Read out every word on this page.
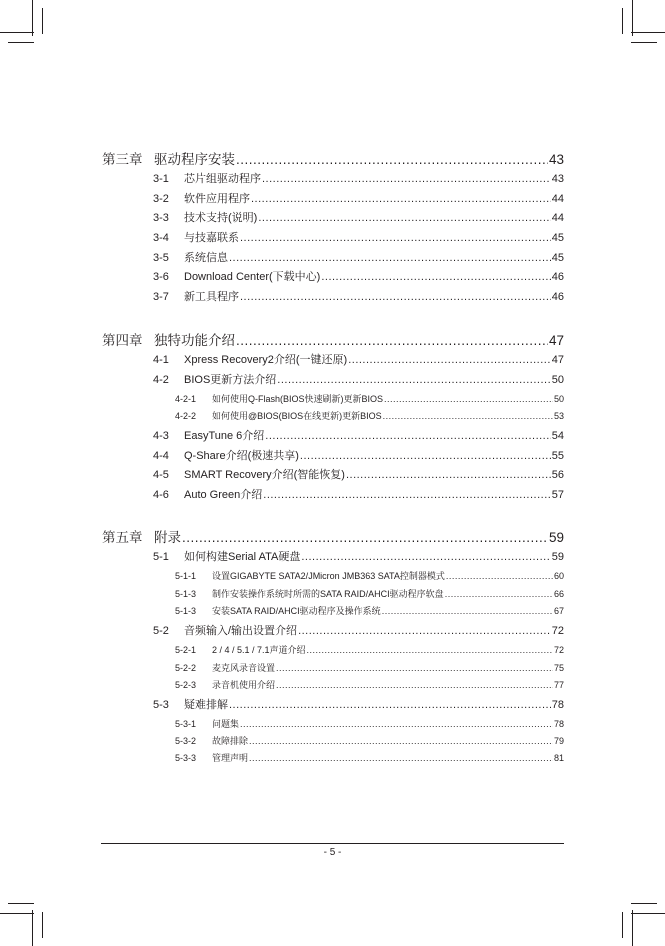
第三章 驱动程序安装 .....	43
3-1	芯片组驱动程序 .....	43
3-2	软件应用程序 .....	44
3-3	技术支持(说明) .....	44
3-4	与技嘉联系 .....	45
3-5	系统信息 .....	45
3-6	Download Center(下载中心) .....	46
3-7	新工具程序 .....	46
第四章 独特功能介绍 .....	47
4-1	Xpress Recovery2介绍(一键还原) .....	47
4-2	BIOS更新方法介绍 .....	50
4-2-1	如何使用Q-Flash(BIOS快速刷新)更新BIOS .....	50
4-2-2	如何使用@BIOS(BIOS在线更新)更新BIOS .....	53
4-3	EasyTune 6介绍 .....	54
4-4	Q-Share介绍(极速共享) .....	55
4-5	SMART Recovery介绍(智能恢复) .....	56
4-6	Auto Green介绍 .....	57
第五章 附录 .....	59
5-1	如何构建Serial ATA硬盘 .....	59
5-1-1	设置GIGABYTE SATA2/JMicron JMB363 SATA控制器模式 .....	60
5-1-3	制作安装操作系统时所需的SATA RAID/AHCI驱动程序软盘 .....	66
5-1-3	安装SATA RAID/AHCI驱动程序及操作系统 .....	67
5-2	音频输入/输出设置介绍 .....	72
5-2-1	2 / 4 / 5.1 / 7.1声道介绍 .....	72
5-2-2	麦克风录音设置 .....	75
5-2-3	录音机使用介绍 .....	77
5-3	疑难排解 .....	78
5-3-1	问题集 .....	78
5-3-2	故障排除 .....	79
5-3-3	管理声明 .....	81
- 5 -
